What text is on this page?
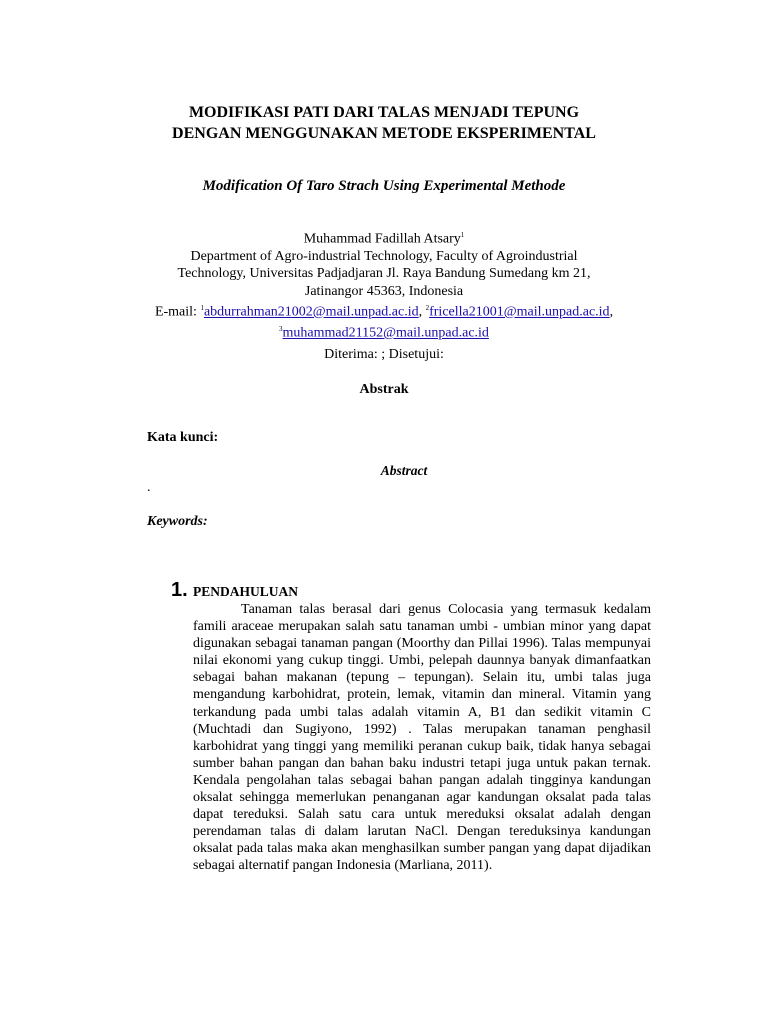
MODIFIKASI PATI DARI TALAS MENJADI TEPUNG
DENGAN MENGGUNAKAN METODE EKSPERIMENTAL
Modification Of Taro Strach Using Experimental Methode
Muhammad Fadillah Atsary$^1$
Department of Agro-industrial Technology, Faculty of Agroindustrial
Technology, Universitas Padjadjaran Jl. Raya Bandung Sumedang km 21,
Jatinangor 45363, Indonesia
E-mail: $^1$abdurrahman21002@mail.unpad.ac.id, $^2$fricella21001@mail.unpad.ac.id,
$^3$muhammad21152@mail.unpad.ac.id
Diterima: ; Disetujui:
Abstrak
Kata kunci:
Abstract
.
Keywords:
1. PENDAHULUAN

Tanaman talas berasal dari genus Colocasia yang termasuk kedalam famili araceae merupakan salah satu tanaman umbi - umbian minor yang dapat digunakan sebagai tanaman pangan (Moorthy dan Pillai 1996). Talas mempunyai nilai ekonomi yang cukup tinggi. Umbi, pelepah daunnya banyak dimanfaatkan sebagai bahan makanan (tepung – tepungan). Selain itu, umbi talas juga mengandung karbohidrat, protein, lemak, vitamin dan mineral. Vitamin yang terkandung pada umbi talas adalah vitamin A, B1 dan sedikit vitamin C (Muchtadi dan Sugiyono, 1992) . Talas merupakan tanaman penghasil karbohidrat yang tinggi yang memiliki peranan cukup baik, tidak hanya sebagai sumber bahan pangan dan bahan baku industri tetapi juga untuk pakan ternak. Kendala pengolahan talas sebagai bahan pangan adalah tingginya kandungan oksalat sehingga memerlukan penanganan agar kandungan oksalat pada talas dapat tereduksi. Salah satu cara untuk mereduksi oksalat adalah dengan perendaman talas di dalam larutan NaCl. Dengan tereduksinya kandungan oksalat pada talas maka akan menghasilkan sumber pangan yang dapat dijadikan sebagai alternatif pangan Indonesia (Marliana, 2011).
